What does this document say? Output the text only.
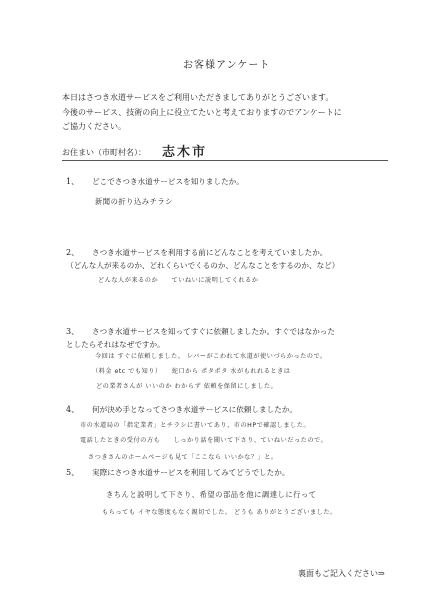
お客様アンケート
本日はさつき水道サービスをご利用いただきましてありがとうございます。
今後のサービス、技術の向上に役立てたいと考えておりますのでアンケートに
ご協力ください。
お住まい（市町村名）： 志木市
1、 どこでさつき水道サービスを知りましたか。
新聞の折り込みチラシ
2、 さつき水道サービスを利用する前にどんなことを考えていましたか。
（どんな人が来るのか、どれくらいでくるのか、どんなことをするのか、など）
どんな人が来るのか　　ていねいに説明してくれるか
3、 さつき水道サービスを知ってすぐに依頼しましたか。すぐではなかった
としたらそれはなぜですか。
今回は すぐに依頼しました。 レバーがこわれて水道が使いづらかったので。
（料金 etc でも知り）　　蛇口から ポタポタ 水がもれれるときは
どの業者さんが いいのか わからず 依頼を保留にしました。
4、 何が決め手となってさつき水道サービスに依頼しましたか。
市の水道局の「指定業者」とチラシに書いてあり、市のHPで確認しました。
電話したときの受付の方も　　しっかり話を聞いて下さり、ていねいだったので。
さつきさんのホームページも見て「ここなら いいかな？」と。
5、 実際にさつき水道サービスを利用してみてどうでしたか。
きちんと説明して下さり、希望の部品を他に調達しに行って
もらっても イヤな態度もなく親切でした。 どうも ありがとうございました。
裏面もご記入ください⇒
